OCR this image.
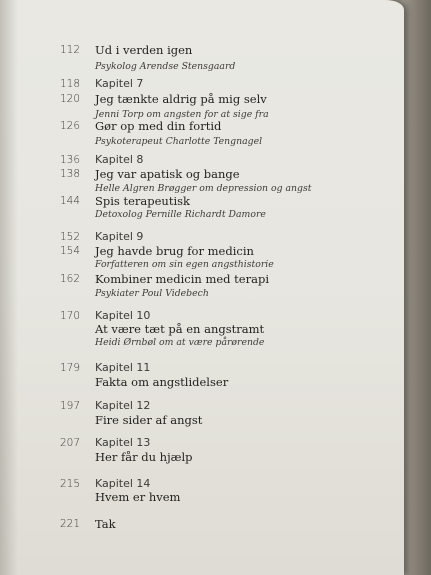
112 Ud i verden igen
Psykolog Arendse Stensgaard
118 Kapitel 7
120 Jeg tænkte aldrig på mig selv
Jenni Torp om angsten for at sige fra
126 Gør op med din fortid
Psykoterapeut Charlotte Tengnagel
136 Kapitel 8
138 Jeg var apatisk og bange
Helle Algren Brøgger om depression og angst
144 Spis terapeutisk
Detoxolog Pernille Richardt Damore
152 Kapitel 9
154 Jeg havde brug for medicin
Forfatteren om sin egen angsthistorie
162 Kombiner medicin med terapi
Psykiater Poul Videbech
170 Kapitel 10
At være tæt på en angstramt
Heidi Ørnbøl om at være pårørende
179 Kapitel 11
Fakta om angstlidelser
197 Kapitel 12
Fire sider af angst
207 Kapitel 13
Her får du hjælp
215 Kapitel 14
Hvem er hvem
221 Tak
